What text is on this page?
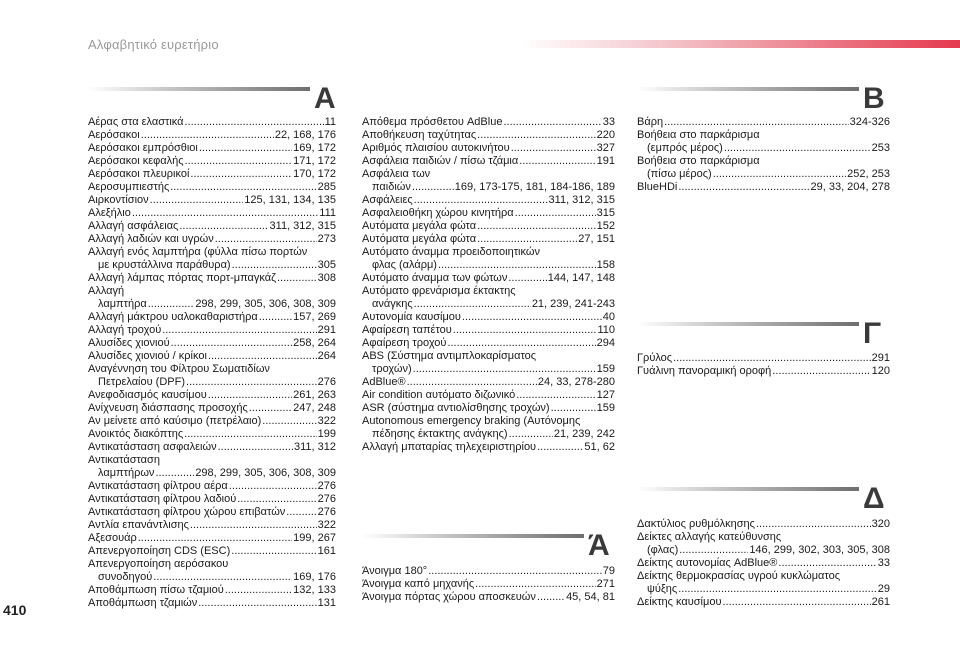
Αλφαβητικό ευρετήριο
410
A
Αέρας στα ελαστικά .....	11
Αερόσακοι .....	22, 168, 176
Αερόσακοι εμπρόσθιοι .....	169, 172
Αερόσακοι κεφαλής .....	171, 172
Αερόσακοι πλευρικοί .....	170, 172
Αεροσυμπιεστής .....	285
Αιρκοντίσιον .....	125, 131, 134, 135
Αλεξήλιο .....	111
Αλλαγή ασφάλειας .....	311, 312, 315
Αλλαγή λαδιών και υγρών .....	273
Αλλαγή ενός λαμπτήρα (φύλλα πίσω πορτών
με κρυστάλλινα παράθυρα) .....	305
Αλλαγή λάμπας πόρτας πορτ-μπαγκάζ .....	308
Αλλαγή
λαμπτήρα .....	298, 299, 305, 306, 308, 309
Αλλαγή μάκτρου υαλοκαθαριστήρα .....	157, 269
Αλλαγή τροχού .....	291
Αλυσίδες χιονιού .....	258, 264
Αλυσίδες χιονιού / κρίκοι .....	264
Αναγέννηση του Φίλτρου Σωματιδίων
Πετρελαίου (DPF) .....	276
Ανεφοδιασμός καυσίμου .....	261, 263
Ανίχνευση διάσπασης προσοχής .....	247, 248
Αν μείνετε από καύσιμο (πετρέλαιο) .....	322
Ανοικτός διακόπτης .....	199
Αντικατάσταση ασφαλειών .....	311, 312
Αντικατάσταση
λαμπτήρων .....	298, 299, 305, 306, 308, 309
Αντικατάσταση φίλτρου αέρα .....	276
Αντικατάσταση φίλτρου λαδιού .....	276
Αντικατάσταση φίλτρου χώρου επιβατών .....	276
Αντλία επανάντλισης .....	322
Αξεσουάρ .....	199, 267
Απενεργοποίηση CDS (ESC) .....	161
Απενεργοποίηση αερόσακου
συνοδηγού .....	169, 176
Αποθάμπωση πίσω τζαμιού .....	132, 133
Αποθάμπωση τζαμιών .....	131
Απόθεμα πρόσθετου AdBlue .....	33
Αποθήκευση ταχύτητας .....	220
Αριθμός πλαισίου αυτοκινήτου .....	327
Ασφάλεια παιδιών / πίσω τζάμια .....	191
Ασφάλεια των
παιδιών .....	169, 173-175, 181, 184-186, 189
Ασφάλειες .....	311, 312, 315
Ασφαλειοθήκη χώρου κινητήρα .....	315
Αυτόματα μεγάλα φώτα .....	152
Αυτόματα μεγάλα φώτα .....	27, 151
Αυτόματο άναμμα προειδοποιητικών
φλας (αλάρμ) .....	158
Αυτόματο άναμμα των φώτων .....	144, 147, 148
Αυτόματο φρενάρισμα έκτακτης
ανάγκης .....	21, 239, 241-243
Αυτονομία καυσίμου .....	40
Αφαίρεση ταπέτου .....	110
Αφαίρεση τροχού .....	294
ABS (Σύστημα αντιμπλοκαρίσματος
τροχών) .....	159
AdBlue® .....	24, 33, 278-280
Air condition αυτόματο διζωνικό .....	127
ASR (σύστημα αντιολίσθησης τροχών) .....	159
Autonomous emergency braking (Αυτόνομης
πέδησης έκτακτης ανάγκης) .....	21, 239, 242
Αλλαγή μπαταρίας τηλεχειριστηρίου .....	51, 62
Ά
Άνοιγμα 180° .....	79
Άνοιγμα καπό μηχανής .....	271
Άνοιγμα πόρτας χώρου αποσκευών .....	45, 54, 81
B
Βάρη .....	324-326
Βοήθεια στο παρκάρισμα
(εμπρός μέρος) .....	253
Βοήθεια στο παρκάρισμα
(πίσω μέρος) .....	252, 253
BlueHDi .....	29, 33, 204, 278
Γ
Γρύλος .....	291
Γυάλινη πανοραμική οροφή .....	120
Δ
Δακτύλιος ρυθμόλκησης .....	320
Δείκτες αλλαγής κατεύθυνσης
(φλας) .....	146, 299, 302, 303, 305, 308
Δείκτης αυτονομίας AdBlue® .....	33
Δείκτης θερμοκρασίας υγρού κυκλώματος
ψύξης .....	29
Δείκτης καυσίμου .....	261
